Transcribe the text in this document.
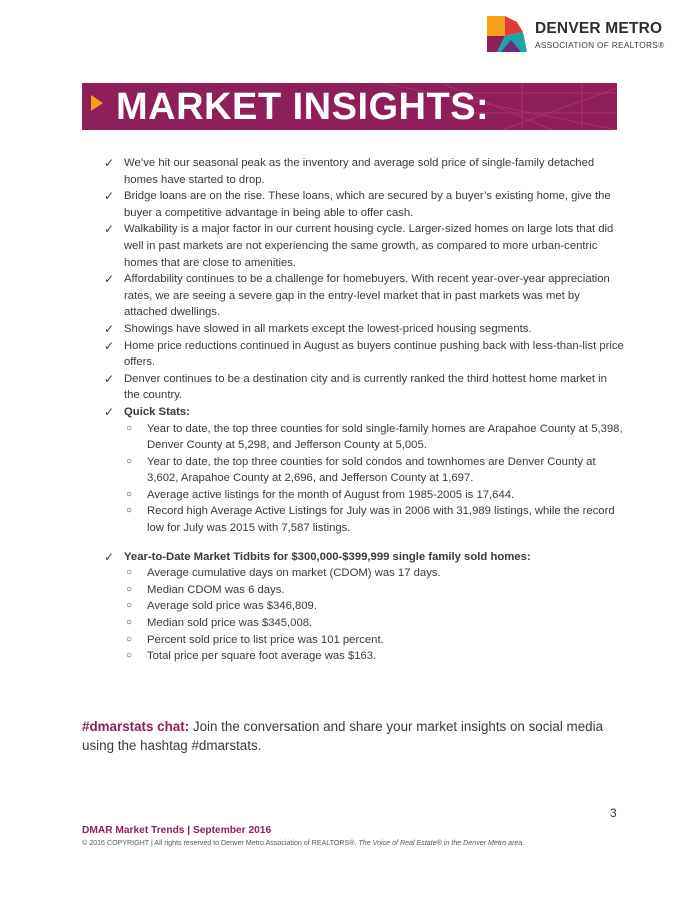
DENVER METRO
ASSOCIATION OF REALTORS®
MARKET INSIGHTS:
✓ We’ve hit our seasonal peak as the inventory and average sold price of single-family detached homes have started to drop.
✓ Bridge loans are on the rise. These loans, which are secured by a buyer’s existing home, give the buyer a competitive advantage in being able to offer cash.
✓ Walkability is a major factor in our current housing cycle. Larger-sized homes on large lots that did well in past markets are not experiencing the same growth, as compared to more urban-centric homes that are close to amenities.
✓ Affordability continues to be a challenge for homebuyers. With recent year-over-year appreciation rates, we are seeing a severe gap in the entry-level market that in past markets was met by attached dwellings.
✓ Showings have slowed in all markets except the lowest-priced housing segments.
✓ Home price reductions continued in August as buyers continue pushing back with less-than-list price offers.
✓ Denver continues to be a destination city and is currently ranked the third hottest home market in the country.
✓ Quick Stats:
○ Year to date, the top three counties for sold single-family homes are Arapahoe County at 5,398, Denver County at 5,298, and Jefferson County at 5,005.
○ Year to date, the top three counties for sold condos and townhomes are Denver County at 3,602, Arapahoe County at 2,696, and Jefferson County at 1,697.
○ Average active listings for the month of August from 1985-2005 is 17,644.
○ Record high Average Active Listings for July was in 2006 with 31,989 listings, while the record low for July was 2015 with 7,587 listings.
✓ Year-to-Date Market Tidbits for $300,000-$399,999 single family sold homes:
○ Average cumulative days on market (CDOM) was 17 days.
○ Median CDOM was 6 days.
○ Average sold price was $346,809.
○ Median sold price was $345,008.
○ Percent sold price to list price was 101 percent.
○ Total price per square foot average was $163.
#dmarstats chat: Join the conversation and share your market insights on social media using the hashtag #dmarstats.
3
DMAR Market Trends | September 2016
© 2016 COPYRIGHT | All rights reserved to Denver Metro Association of REALTORS®. The Voice of Real Estate® in the Denver Metro area.
